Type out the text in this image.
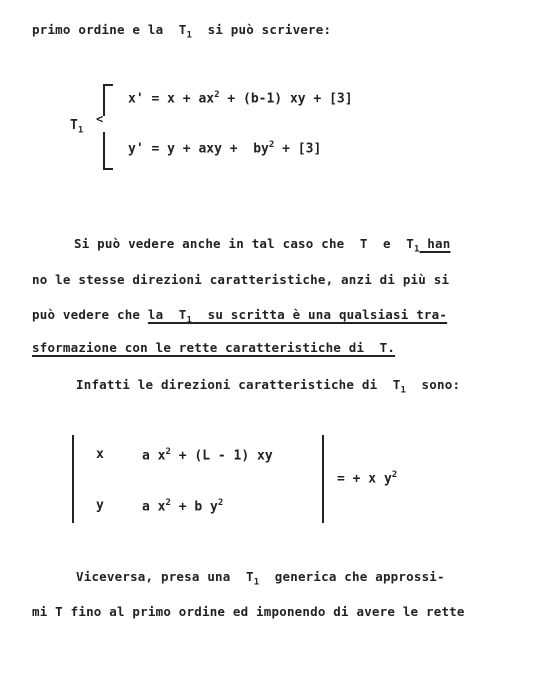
primo ordine e la  $T_1$  si può scrivere:
$T_1$
<
$x' = x + ax^2 + (b-1)$ xy + [3]
y' = y + axy +  $by^2 + [3]$
Si può vedere anche in tal caso che  T  e  $T_1$ han
no le stesse direzioni caratteristiche, anzi di più si
può vedere che la  $T_1$  su scritta è una qualsiasi tra-
sformazione con le rette caratteristiche di  T.
Infatti le direzioni caratteristiche di  $T_1$  sono:
x	a $x^2 + (L - 1)$ xy
y	a $x^2 + b$ $y^2$
= + x $y^2$
Viceversa, presa una  $T_1$  generica che approssi-
mi T fino al primo ordine ed imponendo di avere le rette
